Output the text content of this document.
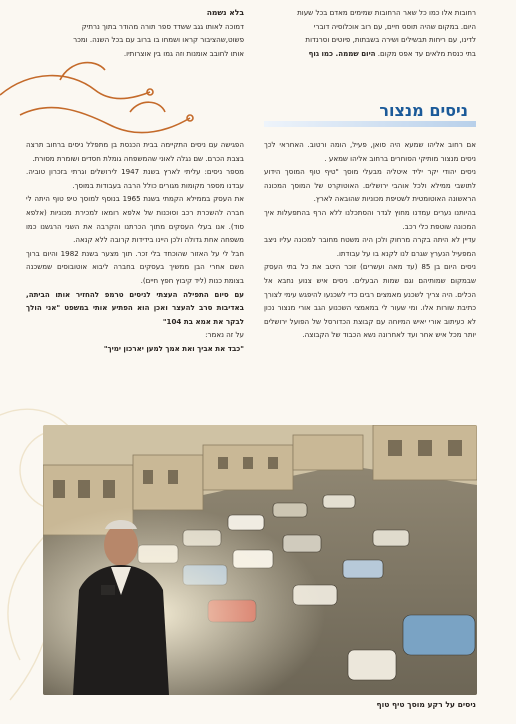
רחובות אלו כמו כל שאר הרחובות שמימים מאדם בכל שעות

היום. במקום שהיה תוסס חיים, עם רוב אוכלוסיה דוברי

לדינו, עם ריחות תבשילים ושירה בשבתות, פיוטים וסרנדות

בתי כנסת מלאים עד אפס מקום. היום שממה. כמו גוף

בלא נשמה

דמוכה לאותו גגב ששדד ספר תורה מהודר בתוך נרתיק

פשוט,שהציבור קראו ושמחו בו ברוב עם בכל השנה. ומכר

אותו לחובב אומנות וזה גמו בין אוצרותיו.

ניסים מנצור

אם רחוב אליהו שמעא היה סואן, פעיל, הומה ורטוב. האחראי לכך ניסים מנצור מותיקי הסוחרים ברחוב אליהו שמאע .

ניסים יהודי יקר יליד איטליה מבעלי מוסך "טיף טוף המוסך הידוע לתושבי ממילא ולכל אוהבי ירושלים. האוטוקרט של המוסך המכונה הראשונה האוטומטית לשטיפת מכוניות שהובאה לארץ.

בהיותנו נערים עמדנו מחוץ לגדר והסתכלנו ללא הרף בהתפעלות איך המכונה שוטפת כלי רכב.

עדיין לא היתה בקרה מרחוק ולכן היה משטח מחובר למכונה עליו ניצב המפעיל הנערץ שגרם לנו לקנא בו על עבודתו.

ניסים היום בן 85 (עד מאה ועשרים) זוכר היטב את כל בתי העסק שבמקום שמותיהם וגם שמות הבעלים. ניסים איש צנוע נחבא אל הכלים. היה צריך לשכנע מאמצים רבים כדי לשכנעו להיפגש עימי לצורך כתיבת שורות אלו. ומי שעור לי במאמצי השכנוע הגב אורי מנצור נכון לא כעיתוב אורי יאיש המיוחה עם קבוצת הכדורסל של הפועל ירושלים יותר מכל איש אחר ועד לאחרונה נשא הכבוד של הקבוצה.

הפגישה עם ניסים התקיימה בבית הכנסת בן מתפלל ניסים ברחוב תרצה בצבת הכרם. שם נגלה לאוני שהמשפחה גומלת חסדים ושומרת מסורת.

מספר ניסים: עליתי לארץ בשנת 1947 לירושלים וגרתי בזכרון טוביה. עבדנו מספר מקומות מגורים כולל הרבה בעבודות במוסך.

את העסק בממילא הקמתי בשנת 1965 בנוסף למוסך טיפ טוף היתה לי חברה להשכרת רכב וסוכנות של אלפא רומאו למכירת מכוניות (אלפא סוד). אנו בעלי העסקים מתוך הכרתנו והקרבה את השני הרגשנו כמו משפחה אחת גדולה ולכן היינו בידידות קרובה ללא קנאה.

חבל לי על האזור שהוכחד בלי זכר. תוך מצער בשנת 1982 והיום ברוך השם אחרי הבן ממשיך בעסקים בחברה ליבוא אוטובוסים שמשכנה בצומת כנות (ליד קיבוץ חפץ חיים).

עם סיום התפילה העצתי לניסים טרמפ להחזיר אותו הביתה, באדיבות סרב להעצר ואכן הוא הפתיע אותי במשפט "אני הולך לבקר את אמא בת 104"

על זה נאמר:

"כבד את אביך ואת אמך למען יארכון ימיך"

ניסים על רקע מוסך טיף טוף
